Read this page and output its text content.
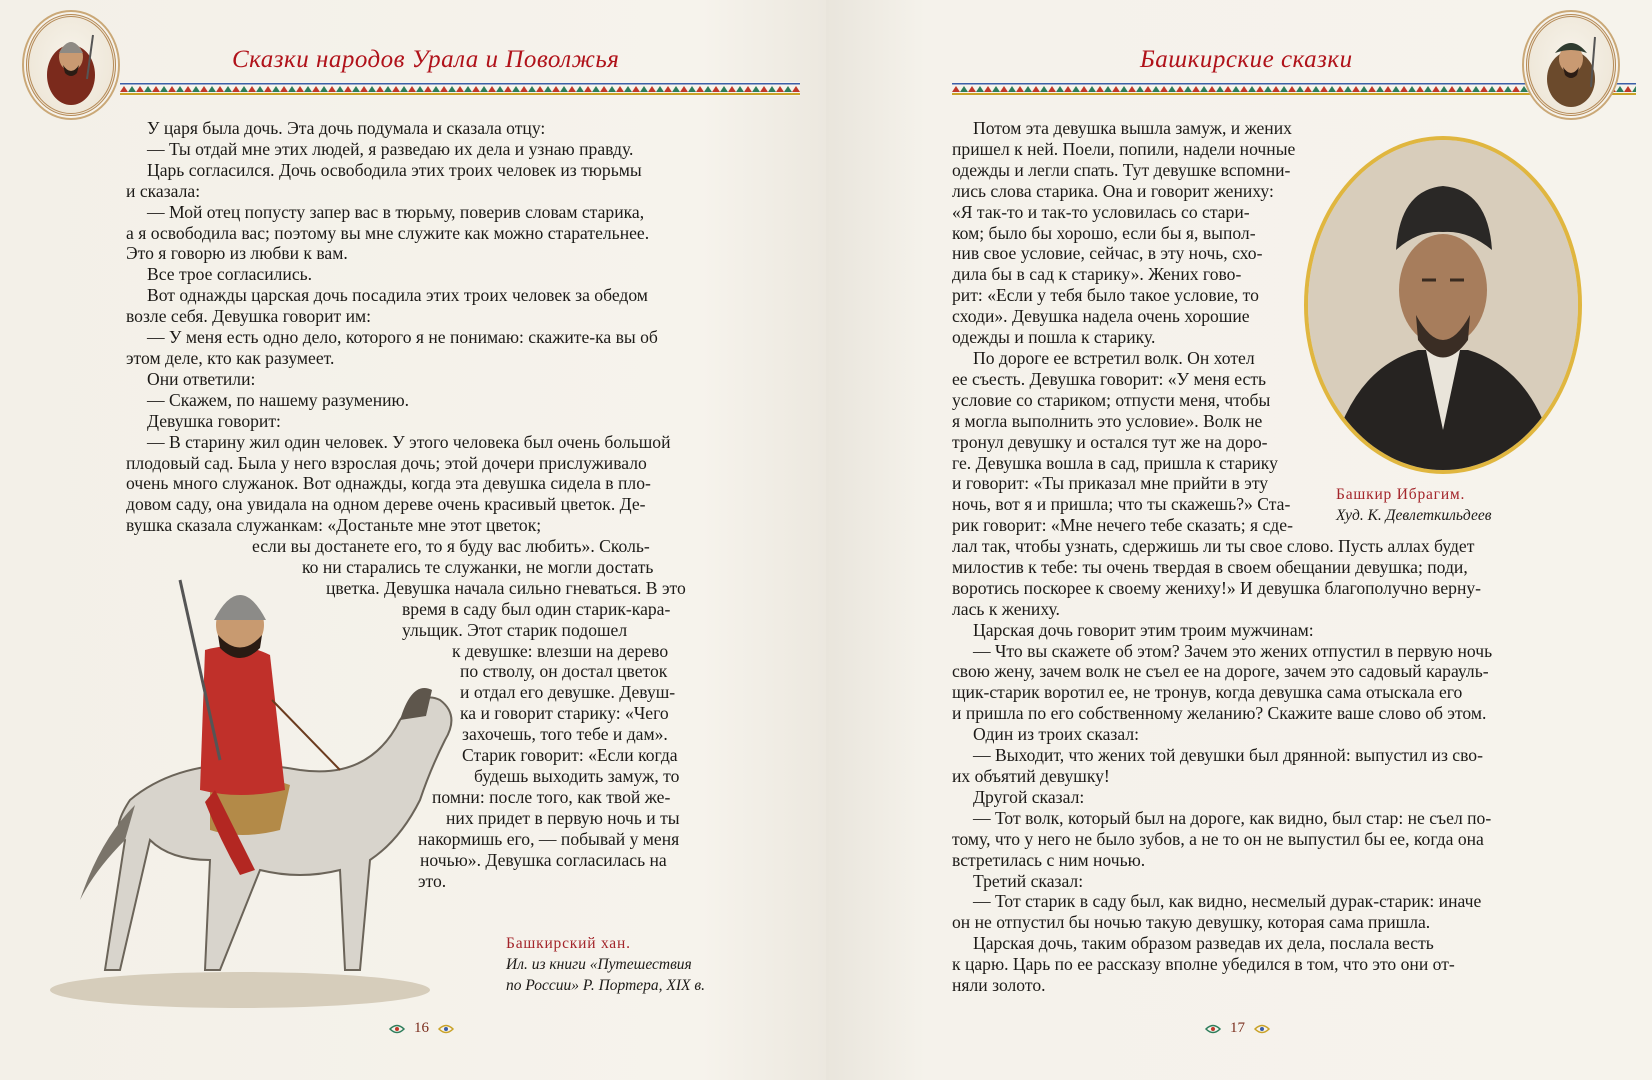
Сказки народов Урала и Поволжья

У царя была дочь. Эта дочь подумала и сказала отцу:

— Ты отдай мне этих людей, я разведаю их дела и узнаю правду.

Царь согласился. Дочь освободила этих троих человек из тюрьмы

и сказала:

— Мой отец попусту запер вас в тюрьму, поверив словам старика,

а я освободила вас; поэтому вы мне служите как можно старательнее.

Это я говорю из любви к вам.

Все трое согласились.

Вот однажды царская дочь посадила этих троих человек за обедом

возле себя. Девушка говорит им:

— У меня есть одно дело, которого я не понимаю: скажите-ка вы об

этом деле, кто как разумеет.

Они ответили:

— Скажем, по нашему разумению.

Девушка говорит:

— В старину жил один человек. У этого человека был очень большой

плодовый сад. Была у него взрослая дочь; этой дочери прислуживало

очень много служанок. Вот однажды, когда эта девушка сидела в пло-

довом саду, она увидала на одном дереве очень красивый цветок. Де-

вушка сказала служанкам: «Достаньте мне этот цветок;

если вы достанете его, то я буду вас любить». Сколь-

ко ни старались те служанки, не могли достать

цветка. Девушка начала сильно гневаться. В это

время в саду был один старик-кара-

ульщик. Этот старик подошел

к девушке: влезши на дерево

по стволу, он достал цветок

и отдал его девушке. Девуш-

ка и говорит старику: «Чего

захочешь, того тебе и дам».

Старик говорит: «Если когда

будешь выходить замуж, то

помни: после того, как твой же-

них придет в первую ночь и ты

накормишь его, — побывай у меня

ночью». Девушка согласилась на

это.

Башкирский хан.
Ил. из книги «Путешествия
по России» Р. Портера, XIX в.
16
Башкирские сказки

Потом эта девушка вышла замуж, и жених

пришел к ней. Поели, попили, надели ночные

одежды и легли спать. Тут девушке вспомни-

лись слова старика. Она и говорит жениху:

«Я так-то и так-то условилась со стари-

ком; было бы хорошо, если бы я, выпол-

нив свое условие, сейчас, в эту ночь, схо-

дила бы в сад к старику». Жених гово-

рит: «Если у тебя было такое условие, то

сходи». Девушка надела очень хорошие

одежды и пошла к старику.

По дороге ее встретил волк. Он хотел

ее съесть. Девушка говорит: «У меня есть

условие со стариком; отпусти меня, чтобы

я могла выполнить это условие». Волк не

тронул девушку и остался тут же на доро-

ге. Девушка вошла в сад, пришла к старику

и говорит: «Ты приказал мне прийти в эту

ночь, вот я и пришла; что ты скажешь?» Ста-

рик говорит: «Мне нечего тебе сказать; я сде-

лал так, чтобы узнать, сдержишь ли ты свое слово. Пусть аллах будет

милостив к тебе: ты очень твердая в своем обещании девушка; поди,

воротись поскорее к своему жениху!» И девушка благополучно верну-

лась к жениху.

Царская дочь говорит этим троим мужчинам:

— Что вы скажете об этом? Зачем это жених отпустил в первую ночь

свою жену, зачем волк не съел ее на дороге, зачем это садовый карауль-

щик-старик воротил ее, не тронув, когда девушка сама отыскала его

и пришла по его собственному желанию? Скажите ваше слово об этом.

Один из троих сказал:

— Выходит, что жених той девушки был дрянной: выпустил из сво-

их объятий девушку!

Другой сказал:

— Тот волк, который был на дороге, как видно, был стар: не съел по-

тому, что у него не было зубов, а не то он не выпустил бы ее, когда она

встретилась с ним ночью.

Третий сказал:

— Тот старик в саду был, как видно, несмелый дурак-старик: иначе

он не отпустил бы ночью такую девушку, которая сама пришла.

Царская дочь, таким образом разведав их дела, послала весть

к царю. Царь по ее рассказу вполне убедился в том, что это они от-

няли золото.

Башкир Ибрагим.
Худ. К. Девлеткильдеев
17
